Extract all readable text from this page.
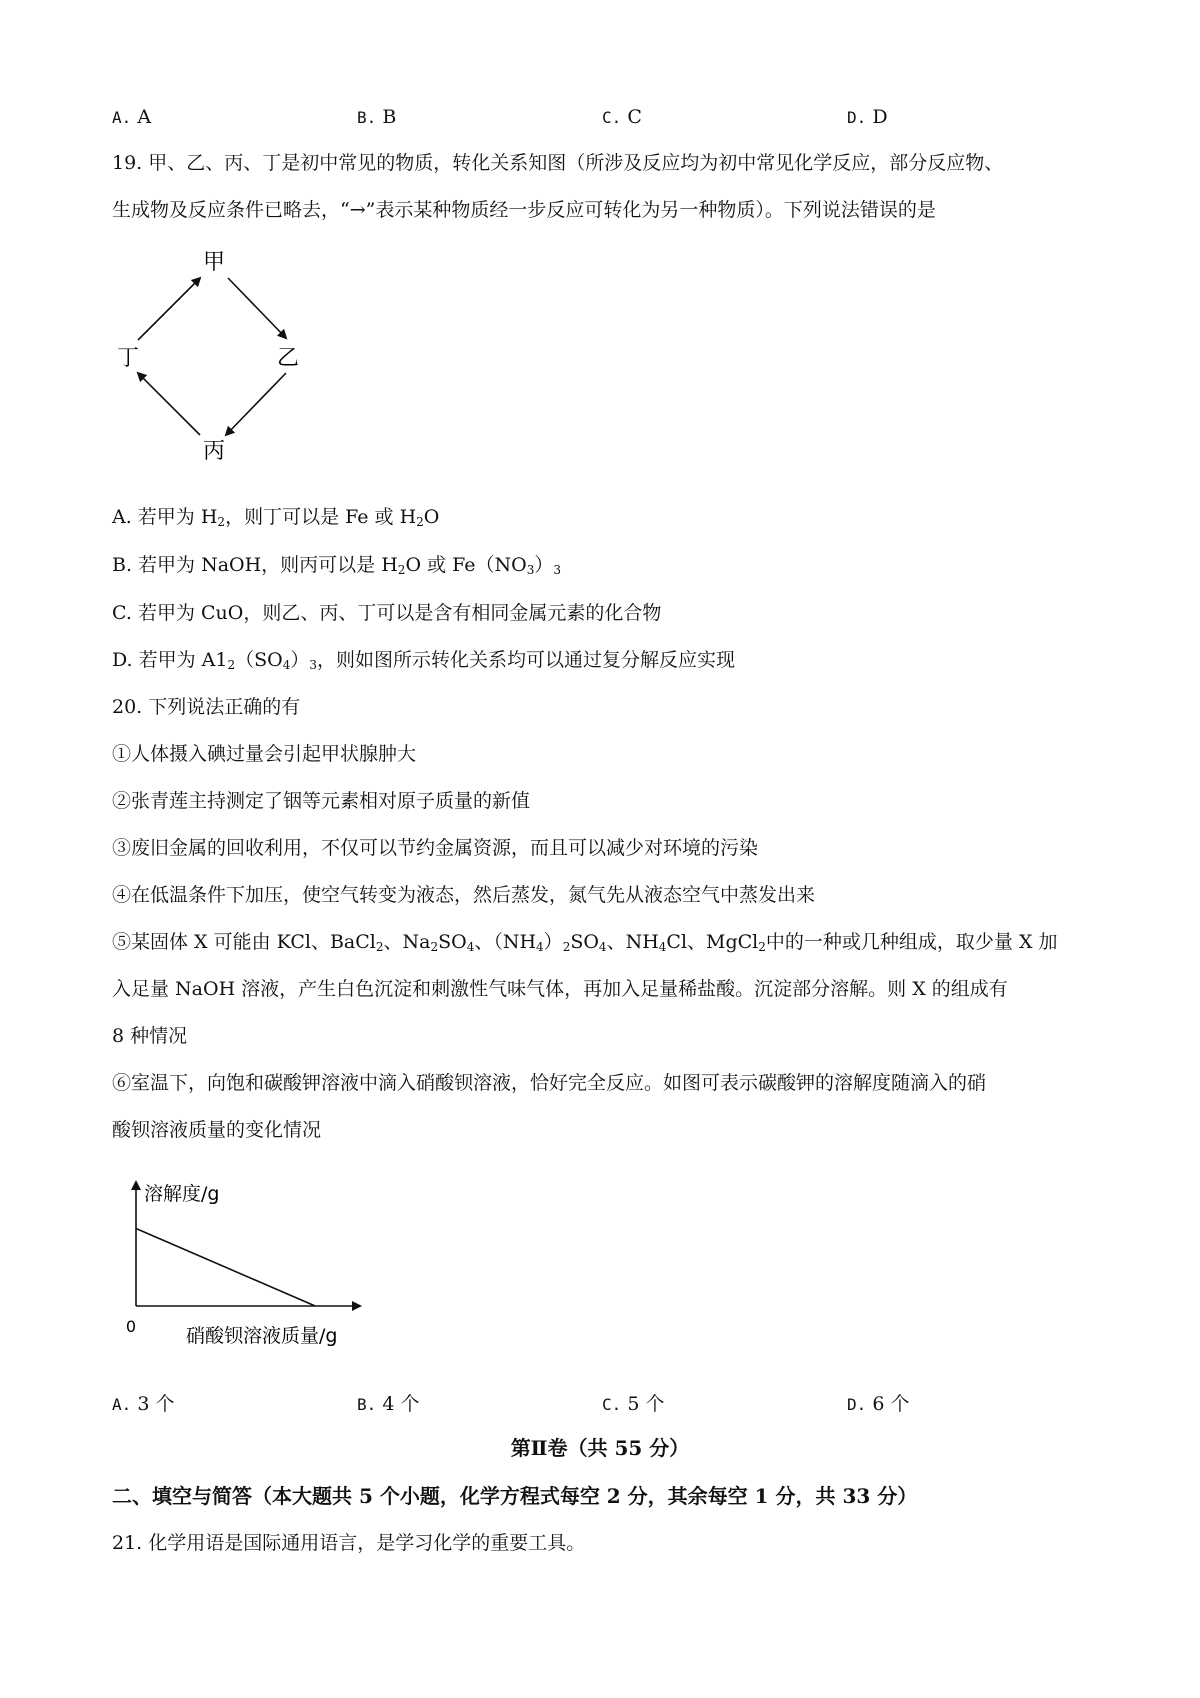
A. A	B. B	C. C	D. D
19. 甲、乙、丙、丁是初中常见的物质，转化关系知图（所涉及反应均为初中常见化学反应，部分反应物、
生成物及反应条件已略去，“→”表示某种物质经一步反应可转化为另一种物质）。下列说法错误的是
甲
乙
丙
丁
A. 若甲为 $H_2$，则丁可以是 Fe 或 $H_2O$
B. 若甲为 NaOH，则丙可以是 $H_2O$ 或 $Fe(NO_3)_3$
C. 若甲为 CuO，则乙、丙、丁可以是含有相同金属元素的化合物
D. 若甲为 $A1_2(SO_4)_3$，则如图所示转化关系均可以通过复分解反应实现
20. 下列说法正确的有
①人体摄入碘过量会引起甲状腺肿大
②张青莲主持测定了铟等元素相对原子质量的新值
③废旧金属的回收利用，不仅可以节约金属资源，而且可以减少对环境的污染
④在低温条件下加压，使空气转变为液态，然后蒸发，氮气先从液态空气中蒸发出来
⑤某固体 X 可能由 KCl、BaCl$_2$、$Na_2SO_4$、$(NH_4)_2SO_4$、$NH_4Cl$、MgCl$_2$中的一种或几种组成，取少量 X 加
入足量 NaOH 溶液，产生白色沉淀和刺激性气味气体，再加入足量稀盐酸。沉淀部分溶解。则 X 的组成有
8 种情况
⑥室温下，向饱和碳酸钾溶液中滴入硝酸钡溶液，恰好完全反应。如图可表示碳酸钾的溶解度随滴入的硝
酸钡溶液质量的变化情况
溶解度/g
0	硝酸钡溶液质量/g
A. 3 个	B. 4 个	C. 5 个	D. 6 个
第Ⅱ卷（共 55 分）
二、填空与简答（本大题共 5 个小题，化学方程式每空 2 分，其余每空 1 分，共 33 分）
21. 化学用语是国际通用语言，是学习化学的重要工具。
